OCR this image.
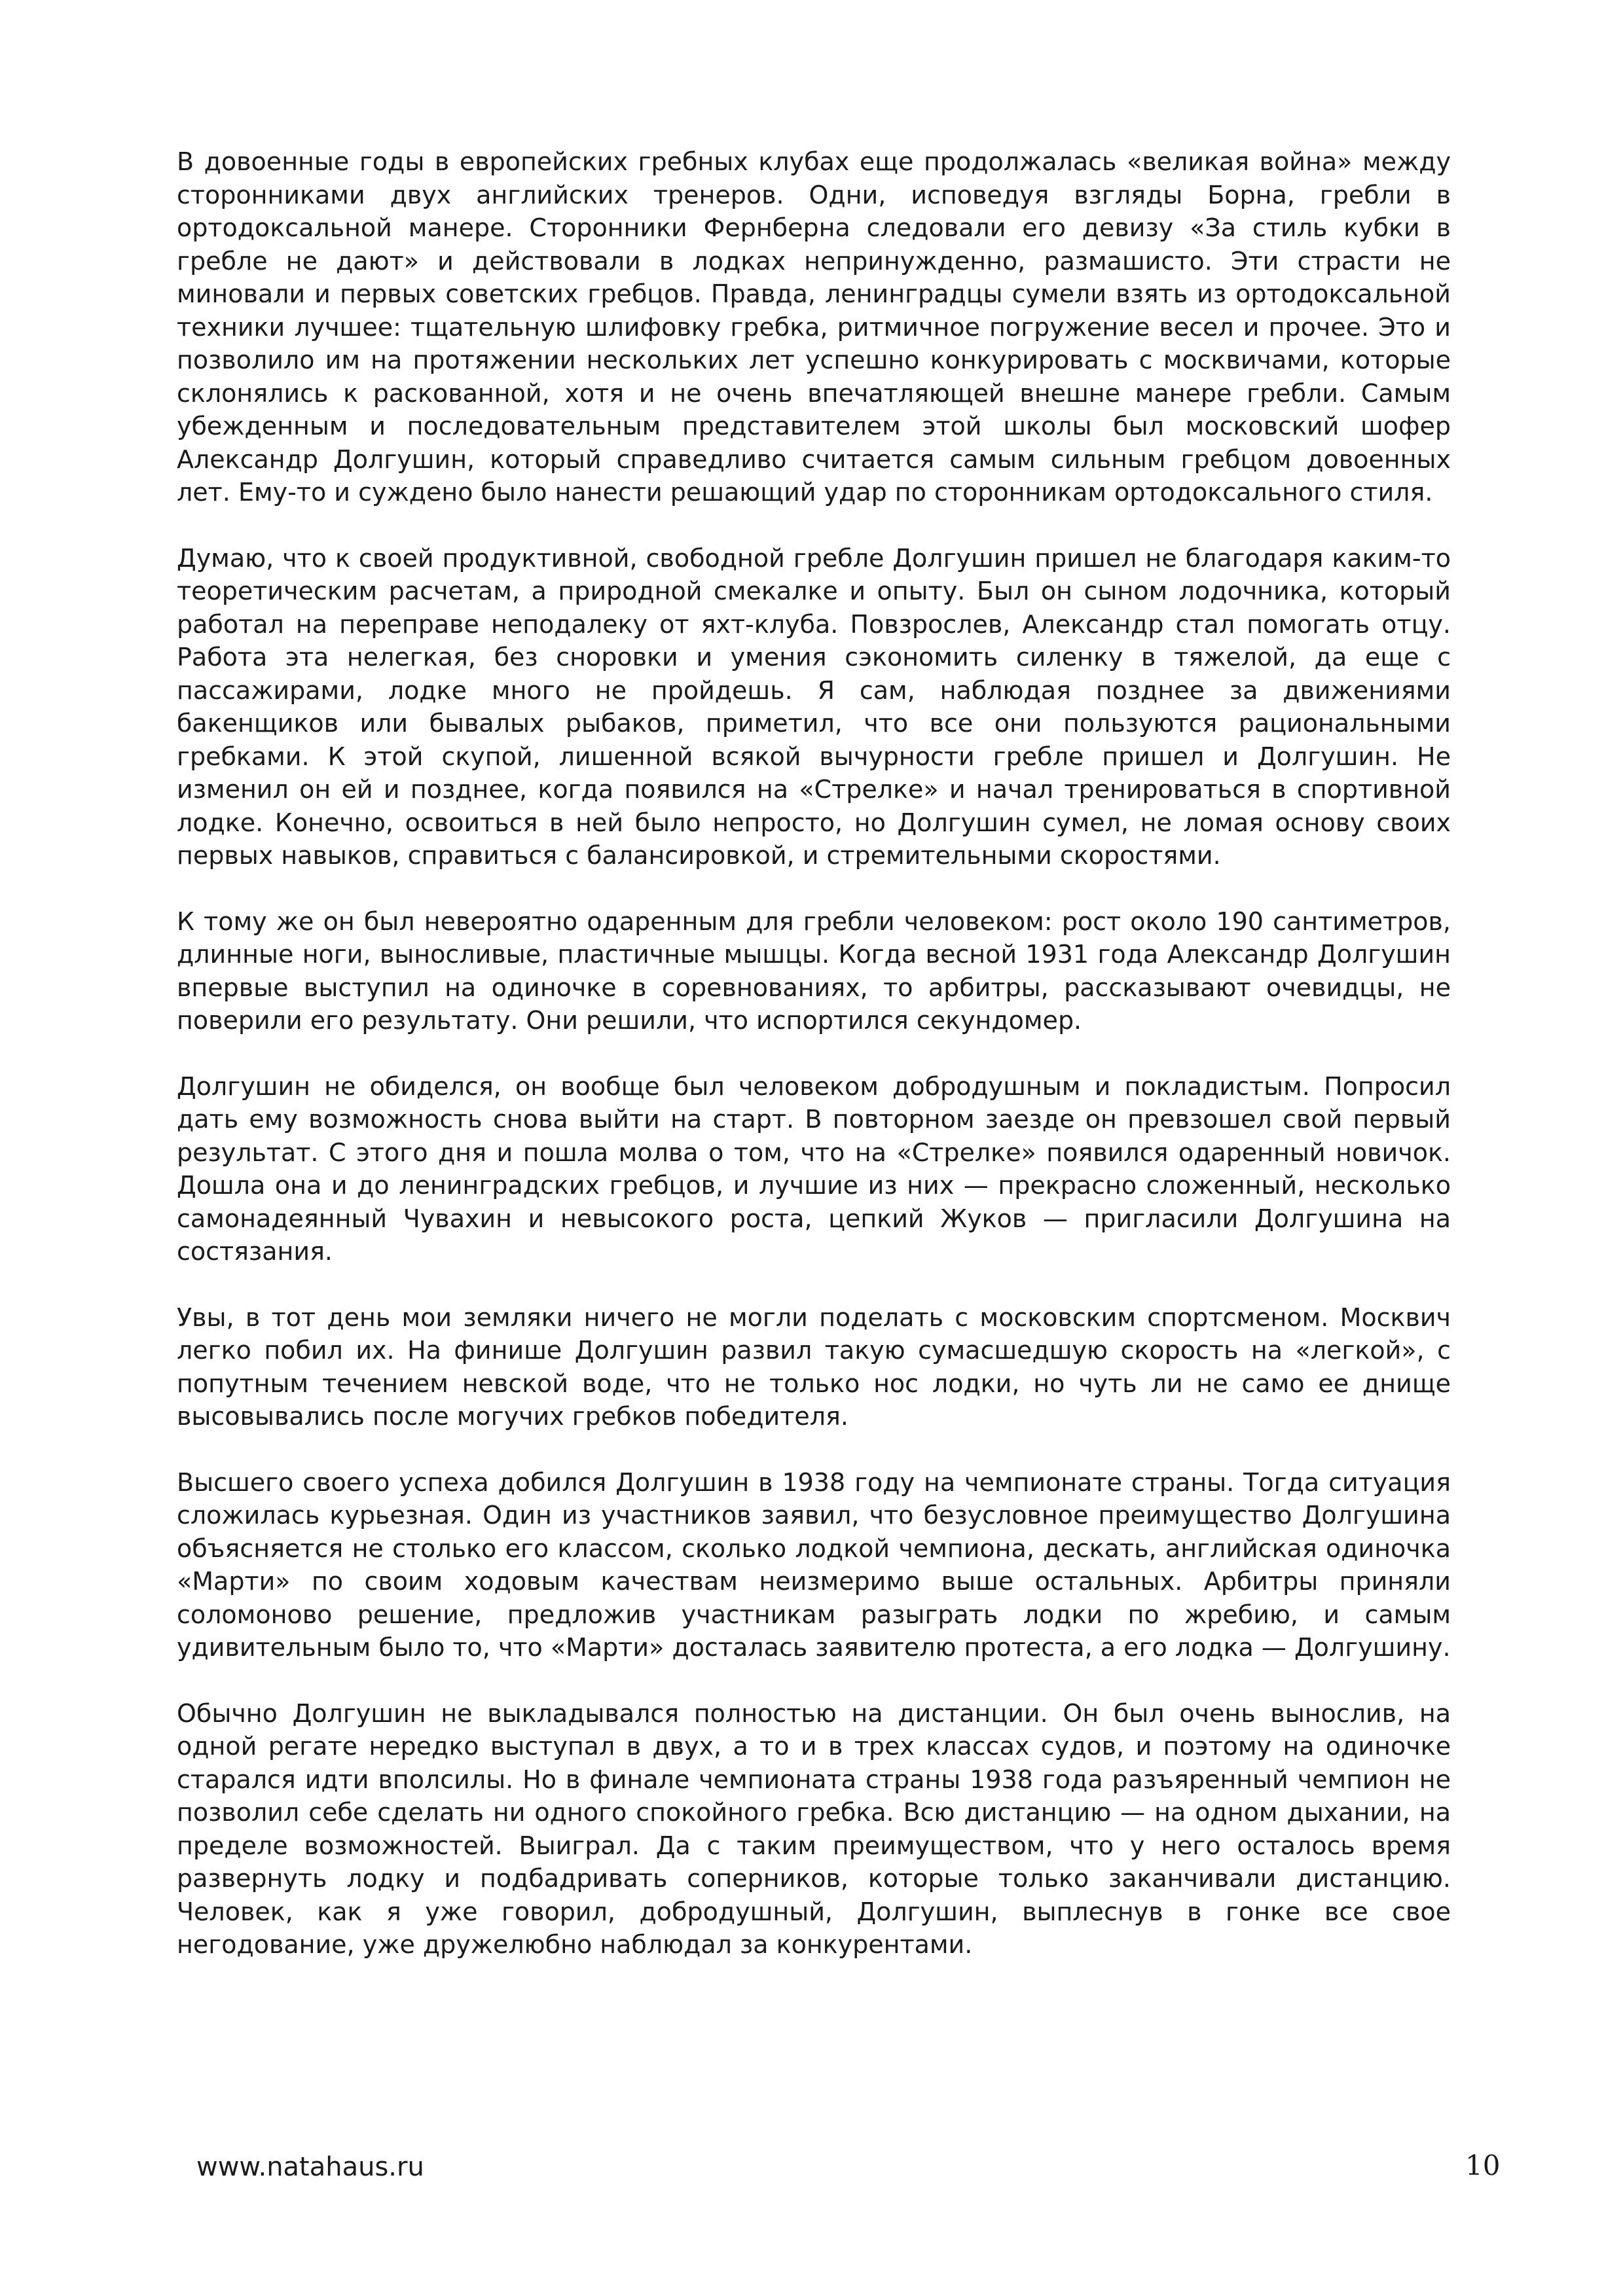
В довоенные годы в европейских гребных клубах еще продолжалась «великая война» между сторонниками двух английских тренеров. Одни, исповедуя взгляды Борна, гребли в ортодоксальной манере. Сторонники Фернберна следовали его девизу «За стиль кубки в гребле не дают» и действовали в лодках непринужденно, размашисто. Эти страсти не миновали и первых советских гребцов. Правда, ленинградцы сумели взять из ортодоксальной техники лучшее: тщательную шлифовку гребка, ритмичное погружение весел и прочее. Это и позволило им на протяжении нескольких лет успешно конкурировать с москвичами, которые склонялись к раскованной, хотя и не очень впечатляющей внешне манере гребли. Самым убежденным и последовательным представителем этой школы был московский шофер Александр Долгушин, который справедливо считается самым сильным гребцом довоенных лет. Ему-то и суждено было нанести решающий удар по сторонникам ортодоксального стиля.

Думаю, что к своей продуктивной, свободной гребле Долгушин пришел не благодаря каким-то теоретическим расчетам, а природной смекалке и опыту. Был он сыном лодочника, который работал на переправе неподалеку от яхт-клуба. Повзрослев, Александр стал помогать отцу. Работа эта нелегкая, без сноровки и умения сэкономить силенку в тяжелой, да еще с пассажирами, лодке много не пройдешь. Я сам, наблюдая позднее за движениями бакенщиков или бывалых рыбаков, приметил, что все они пользуются рациональными гребками. К этой скупой, лишенной всякой вычурности гребле пришел и Долгушин. Не изменил он ей и позднее, когда появился на «Стрелке» и начал тренироваться в спортивной лодке. Конечно, освоиться в ней было непросто, но Долгушин сумел, не ломая основу своих первых навыков, справиться с балансировкой, и стремительными скоростями.

К тому же он был невероятно одаренным для гребли человеком: рост около 190 сантиметров, длинные ноги, выносливые, пластичные мышцы. Когда весной 1931 года Александр Долгушин впервые выступил на одиночке в соревнованиях, то арбитры, рассказывают очевидцы, не поверили его результату. Они решили, что испортился секундомер.

Долгушин не обиделся, он вообще был человеком добродушным и покладистым. Попросил дать ему возможность снова выйти на старт. В повторном заезде он превзошел свой первый результат. С этого дня и пошла молва о том, что на «Стрелке» появился одаренный новичок. Дошла она и до ленинградских гребцов, и лучшие из них — прекрасно сложенный, несколько самонадеянный Чувахин и невысокого роста, цепкий Жуков — пригласили Долгушина на состязания.

Увы, в тот день мои земляки ничего не могли поделать с московским спортсменом. Москвич легко побил их. На финише Долгушин развил такую сумасшедшую скорость на «легкой», с попутным течением невской воде, что не только нос лодки, но чуть ли не само ее днище высовывались после могучих гребков победителя.

Высшего своего успеха добился Долгушин в 1938 году на чемпионате страны. Тогда ситуация сложилась курьезная. Один из участников заявил, что безусловное преимущество Долгушина объясняется не столько его классом, сколько лодкой чемпиона, дескать, английская одиночка «Марти» по своим ходовым качествам неизмеримо выше остальных. Арбитры приняли соломоново решение, предложив участникам разыграть лодки по жребию, и самым удивительным было то, что «Марти» досталась заявителю протеста, а его лодка — Долгушину.

Обычно Долгушин не выкладывался полностью на дистанции. Он был очень вынослив, на одной регате нередко выступал в двух, а то и в трех классах судов, и поэтому на одиночке старался идти вполсилы. Но в финале чемпионата страны 1938 года разъяренный чемпион не позволил себе сделать ни одного спокойного гребка. Всю дистанцию — на одном дыхании, на пределе возможностей. Выиграл. Да с таким преимуществом, что у него осталось время развернуть лодку и подбадривать соперников, которые только заканчивали дистанцию. Человек, как я уже говорил, добродушный, Долгушин, выплеснув в гонке все свое негодование, уже дружелюбно наблюдал за конкурентами.

www.natahaus.ru	10
